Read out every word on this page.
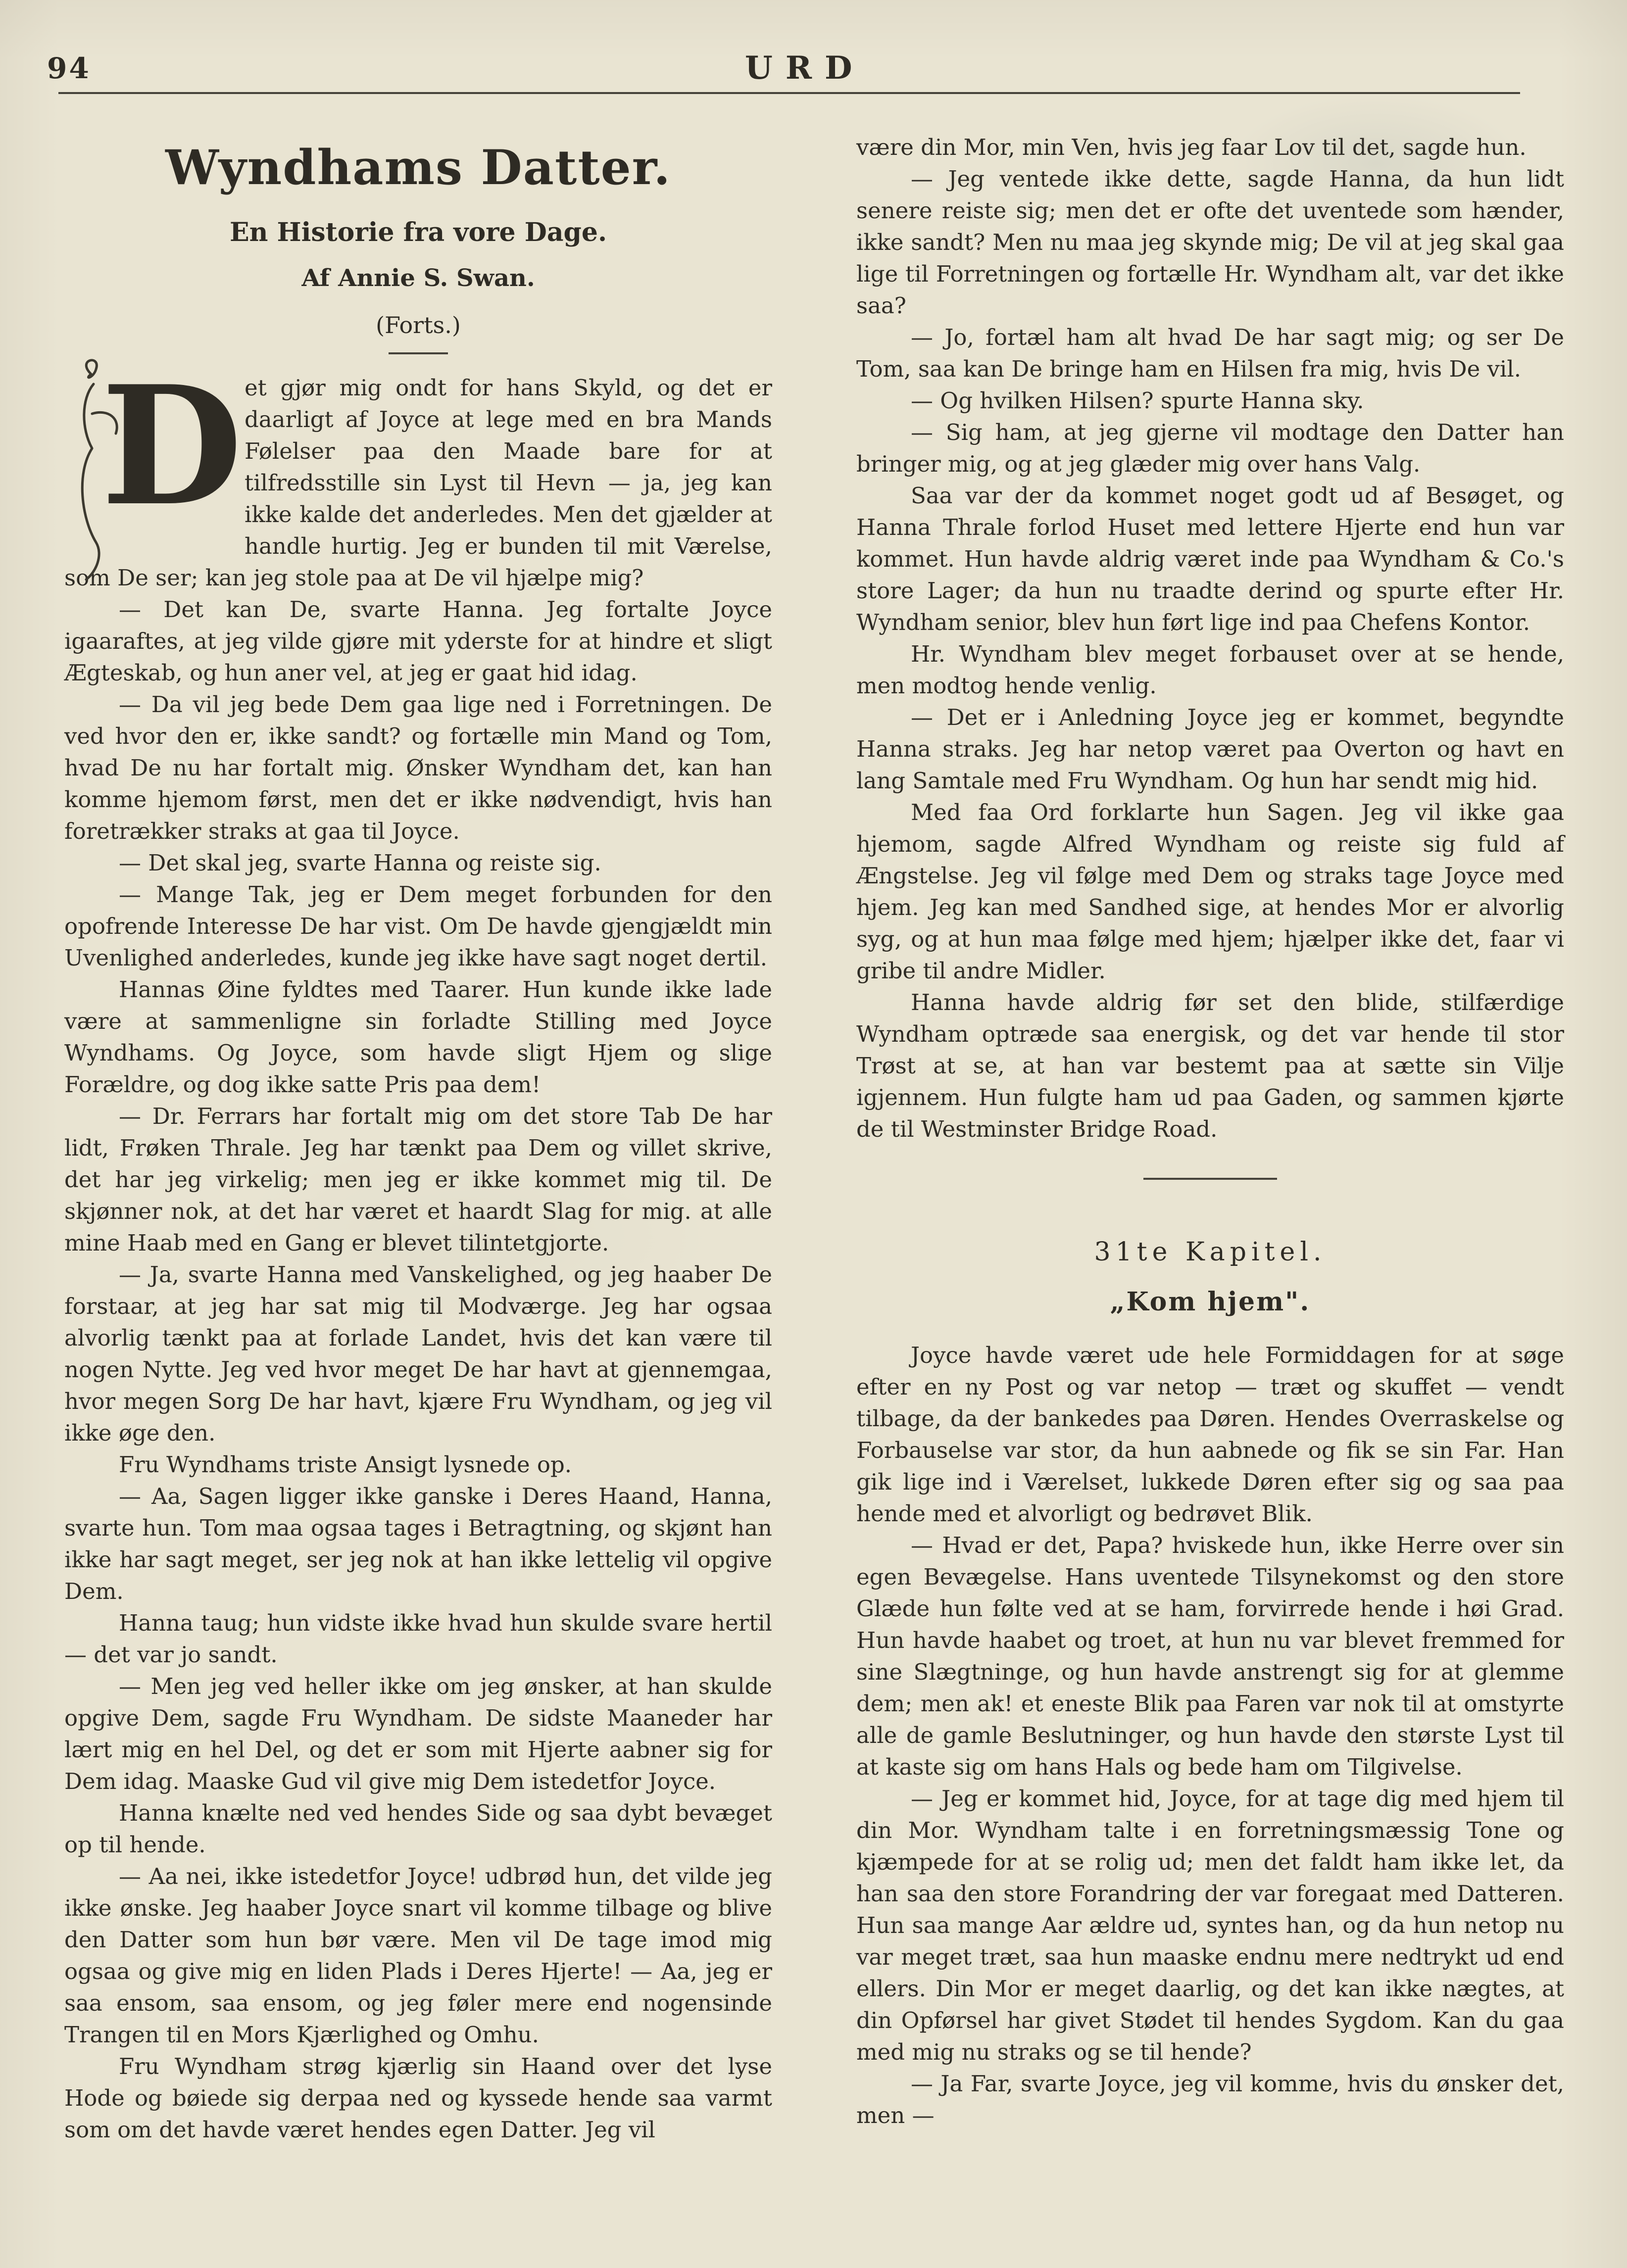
94	URD
Wyndhams Datter.
En Historie fra vore Dage.
Af Annie S. Swan.
(Forts.)

D et gjør mig ondt for hans Skyld, og det er daarligt af Joyce at lege med en bra Mands Følelser paa den Maade bare for at tilfredsstille sin Lyst til Hevn — ja, jeg kan ikke kalde det anderledes. Men det gjælder at handle hurtig. Jeg er bunden til mit Værelse, som De ser; kan jeg stole paa at De vil hjælpe mig?

— Det kan De, svarte Hanna. Jeg fortalte Joyce igaaraftes, at jeg vilde gjøre mit yderste for at hindre et sligt Ægteskab, og hun aner vel, at jeg er gaat hid idag.

— Da vil jeg bede Dem gaa lige ned i Forretningen. De ved hvor den er, ikke sandt? og fortælle min Mand og Tom, hvad De nu har fortalt mig. Ønsker Wyndham det, kan han komme hjemom først, men det er ikke nødvendigt, hvis han foretrækker straks at gaa til Joyce.

— Det skal jeg, svarte Hanna og reiste sig.

— Mange Tak, jeg er Dem meget forbunden for den opofrende Interesse De har vist. Om De havde gjengjældt min Uvenlighed anderledes, kunde jeg ikke have sagt noget dertil.

Hannas Øine fyldtes med Taarer. Hun kunde ikke lade være at sammenligne sin forladte Stilling med Joyce Wyndhams. Og Joyce, som havde sligt Hjem og slige Forældre, og dog ikke satte Pris paa dem!

— Dr. Ferrars har fortalt mig om det store Tab De har lidt, Frøken Thrale. Jeg har tænkt paa Dem og villet skrive, det har jeg virkelig; men jeg er ikke kommet mig til. De skjønner nok, at det har været et haardt Slag for mig. at alle mine Haab med en Gang er blevet tilintetgjorte.

— Ja, svarte Hanna med Vanskelighed, og jeg haaber De forstaar, at jeg har sat mig til Modværge. Jeg har ogsaa alvorlig tænkt paa at forlade Landet, hvis det kan være til nogen Nytte. Jeg ved hvor meget De har havt at gjennemgaa, hvor megen Sorg De har havt, kjære Fru Wyndham, og jeg vil ikke øge den.

Fru Wyndhams triste Ansigt lysnede op.

— Aa, Sagen ligger ikke ganske i Deres Haand, Hanna, svarte hun. Tom maa ogsaa tages i Betragtning, og skjønt han ikke har sagt meget, ser jeg nok at han ikke lettelig vil opgive Dem.

Hanna taug; hun vidste ikke hvad hun skulde svare hertil — det var jo sandt.

— Men jeg ved heller ikke om jeg ønsker, at han skulde opgive Dem, sagde Fru Wyndham. De sidste Maaneder har lært mig en hel Del, og det er som mit Hjerte aabner sig for Dem idag. Maaske Gud vil give mig Dem istedetfor Joyce.

Hanna knælte ned ved hendes Side og saa dybt bevæget op til hende.

— Aa nei, ikke istedetfor Joyce! udbrød hun, det vilde jeg ikke ønske. Jeg haaber Joyce snart vil komme tilbage og blive den Datter som hun bør være. Men vil De tage imod mig ogsaa og give mig en liden Plads i Deres Hjerte! — Aa, jeg er saa ensom, saa ensom, og jeg føler mere end nogensinde Trangen til en Mors Kjærlighed og Omhu.

Fru Wyndham strøg kjærlig sin Haand over det lyse Hode og bøiede sig derpaa ned og kyssede hende saa varmt som om det havde været hendes egen Datter. Jeg vil

være din Mor, min Ven, hvis jeg faar Lov til det, sagde hun.

— Jeg ventede ikke dette, sagde Hanna, da hun lidt senere reiste sig; men det er ofte det uventede som hænder, ikke sandt? Men nu maa jeg skynde mig; De vil at jeg skal gaa lige til Forretningen og fortælle Hr. Wyndham alt, var det ikke saa?

— Jo, fortæl ham alt hvad De har sagt mig; og ser De Tom, saa kan De bringe ham en Hilsen fra mig, hvis De vil.

— Og hvilken Hilsen? spurte Hanna sky.

— Sig ham, at jeg gjerne vil modtage den Datter han bringer mig, og at jeg glæder mig over hans Valg.

Saa var der da kommet noget godt ud af Besøget, og Hanna Thrale forlod Huset med lettere Hjerte end hun var kommet. Hun havde aldrig været inde paa Wyndham & Co.'s store Lager; da hun nu traadte derind og spurte efter Hr. Wyndham senior, blev hun ført lige ind paa Chefens Kontor.

Hr. Wyndham blev meget forbauset over at se hende, men modtog hende venlig.

— Det er i Anledning Joyce jeg er kommet, begyndte Hanna straks. Jeg har netop været paa Overton og havt en lang Samtale med Fru Wyndham. Og hun har sendt mig hid.

Med faa Ord forklarte hun Sagen. Jeg vil ikke gaa hjemom, sagde Alfred Wyndham og reiste sig fuld af Ængstelse. Jeg vil følge med Dem og straks tage Joyce med hjem. Jeg kan med Sandhed sige, at hendes Mor er alvorlig syg, og at hun maa følge med hjem; hjælper ikke det, faar vi gribe til andre Midler.

Hanna havde aldrig før set den blide, stilfærdige Wyndham optræde saa energisk, og det var hende til stor Trøst at se, at han var bestemt paa at sætte sin Vilje igjennem. Hun fulgte ham ud paa Gaden, og sammen kjørte de til Westminster Bridge Road.

31te Kapitel.
„Kom hjem".

Joyce havde været ude hele Formiddagen for at søge efter en ny Post og var netop — træt og skuffet — vendt tilbage, da der bankedes paa Døren. Hendes Overraskelse og Forbauselse var stor, da hun aabnede og fik se sin Far. Han gik lige ind i Værelset, lukkede Døren efter sig og saa paa hende med et alvorligt og bedrøvet Blik.

— Hvad er det, Papa? hviskede hun, ikke Herre over sin egen Bevægelse. Hans uventede Tilsynekomst og den store Glæde hun følte ved at se ham, forvirrede hende i høi Grad. Hun havde haabet og troet, at hun nu var blevet fremmed for sine Slægtninge, og hun havde anstrengt sig for at glemme dem; men ak! et eneste Blik paa Faren var nok til at omstyrte alle de gamle Beslutninger, og hun havde den største Lyst til at kaste sig om hans Hals og bede ham om Tilgivelse.

— Jeg er kommet hid, Joyce, for at tage dig med hjem til din Mor. Wyndham talte i en forretningsmæssig Tone og kjæmpede for at se rolig ud; men det faldt ham ikke let, da han saa den store Forandring der var foregaat med Datteren. Hun saa mange Aar ældre ud, syntes han, og da hun netop nu var meget træt, saa hun maaske endnu mere nedtrykt ud end ellers. Din Mor er meget daarlig, og det kan ikke nægtes, at din Opførsel har givet Stødet til hendes Sygdom. Kan du gaa med mig nu straks og se til hende?

— Ja Far, svarte Joyce, jeg vil komme, hvis du ønsker det, men —
